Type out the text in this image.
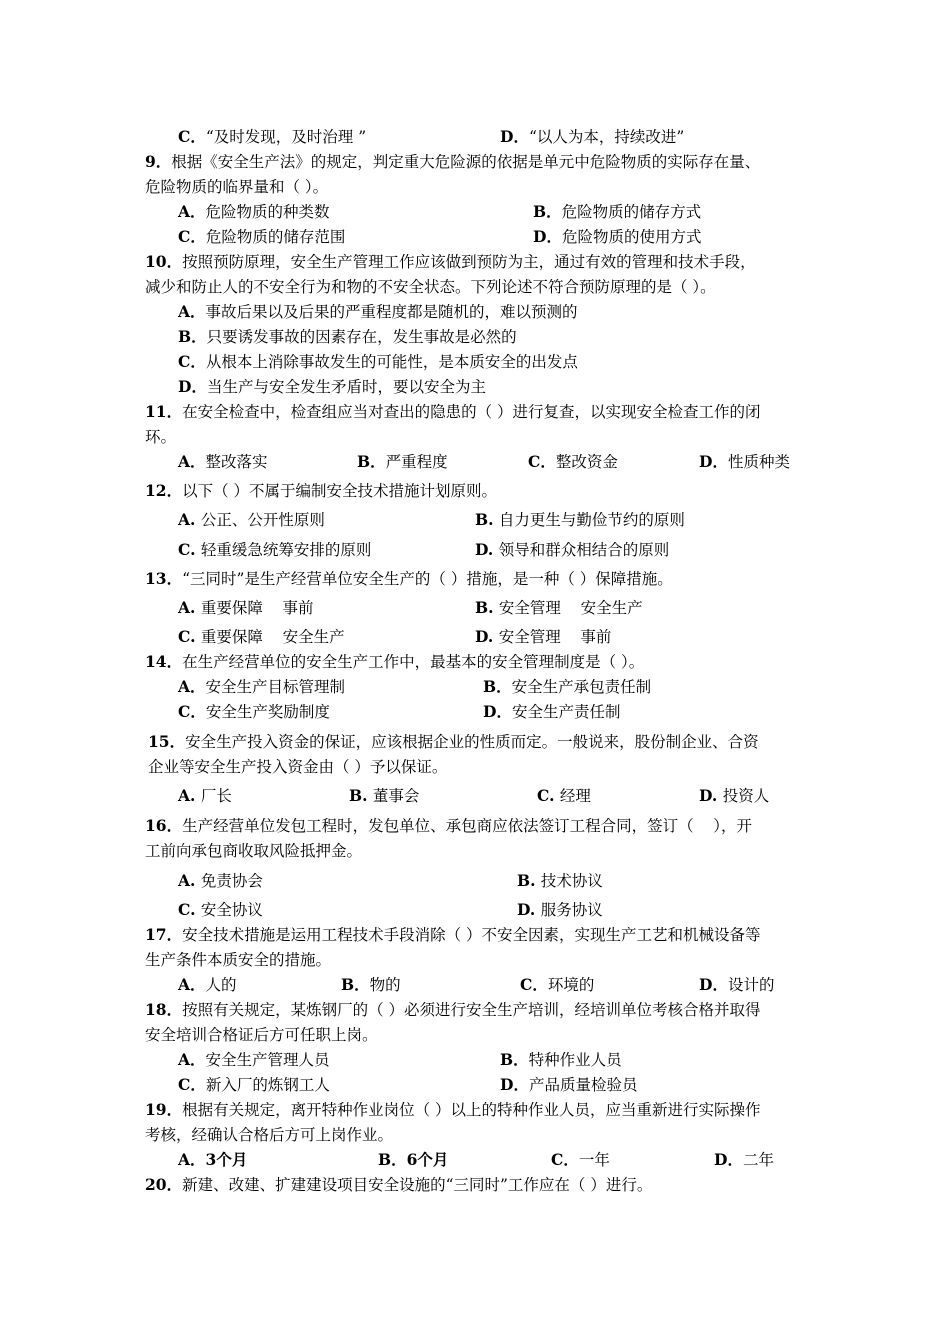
C．“及时发现，及时治理 ”	D．“以人为本，持续改进”
9．根据《安全生产法》的规定，判定重大危险源的依据是单元中危险物质的实际存在量、
危险物质的临界量和（ ）。
A．危险物质的种类数	B．危险物质的储存方式
C．危险物质的储存范围	D．危险物质的使用方式
10．按照预防原理，安全生产管理工作应该做到预防为主，通过有效的管理和技术手段，
减少和防止人的不安全行为和物的不安全状态。下列论述不符合预防原理的是（ ）。
A．事故后果以及后果的严重程度都是随机的，难以预测的
B．只要诱发事故的因素存在，发生事故是必然的
C．从根本上消除事故发生的可能性，是本质安全的出发点
D．当生产与安全发生矛盾时，要以安全为主
11．在安全检查中，检查组应当对查出的隐患的（ ）进行复查，以实现安全检查工作的闭
环。
A．整改落实	B．严重程度	C．整改资金	D．性质种类
12．以下（ ）不属于编制安全技术措施计划原则。
A. 公正、公开性原则	B. 自力更生与勤俭节约的原则
C. 轻重缓急统筹安排的原则	D. 领导和群众相结合的原则
13．“三同时”是生产经营单位安全生产的（ ）措施，是一种（ ）保障措施。
A. 重要保障    事前	B. 安全管理    安全生产
C. 重要保障    安全生产	D. 安全管理    事前
14．在生产经营单位的安全生产工作中，最基本的安全管理制度是（ ）。
A．安全生产目标管理制	B．安全生产承包责任制
C．安全生产奖励制度	D．安全生产责任制
15．安全生产投入资金的保证，应该根据企业的性质而定。一般说来，股份制企业、合资
企业等安全生产投入资金由（ ）予以保证。
A. 厂长	B. 董事会	C. 经理	D. 投资人
16．生产经营单位发包工程时，发包单位、承包商应依法签订工程合同，签订（    ），开
工前向承包商收取风险抵押金。
A. 免责协会	B. 技术协议
C. 安全协议	D. 服务协议
17．安全技术措施是运用工程技术手段消除（ ）不安全因素，实现生产工艺和机械设备等
生产条件本质安全的措施。
A．人的	B．物的	C．环境的	D．设计的
18．按照有关规定，某炼钢厂的（ ）必须进行安全生产培训，经培训单位考核合格并取得
安全培训合格证后方可任职上岗。
A．安全生产管理人员	B．特种作业人员
C．新入厂的炼钢工人	D．产品质量检验员
19．根据有关规定，离开特种作业岗位（ ）以上的特种作业人员，应当重新进行实际操作
考核，经确认合格后方可上岗作业。
A．3个月	B．6个月	C．一年	D．二年
20．新建、改建、扩建建设项目安全设施的“三同时”工作应在（ ）进行。
